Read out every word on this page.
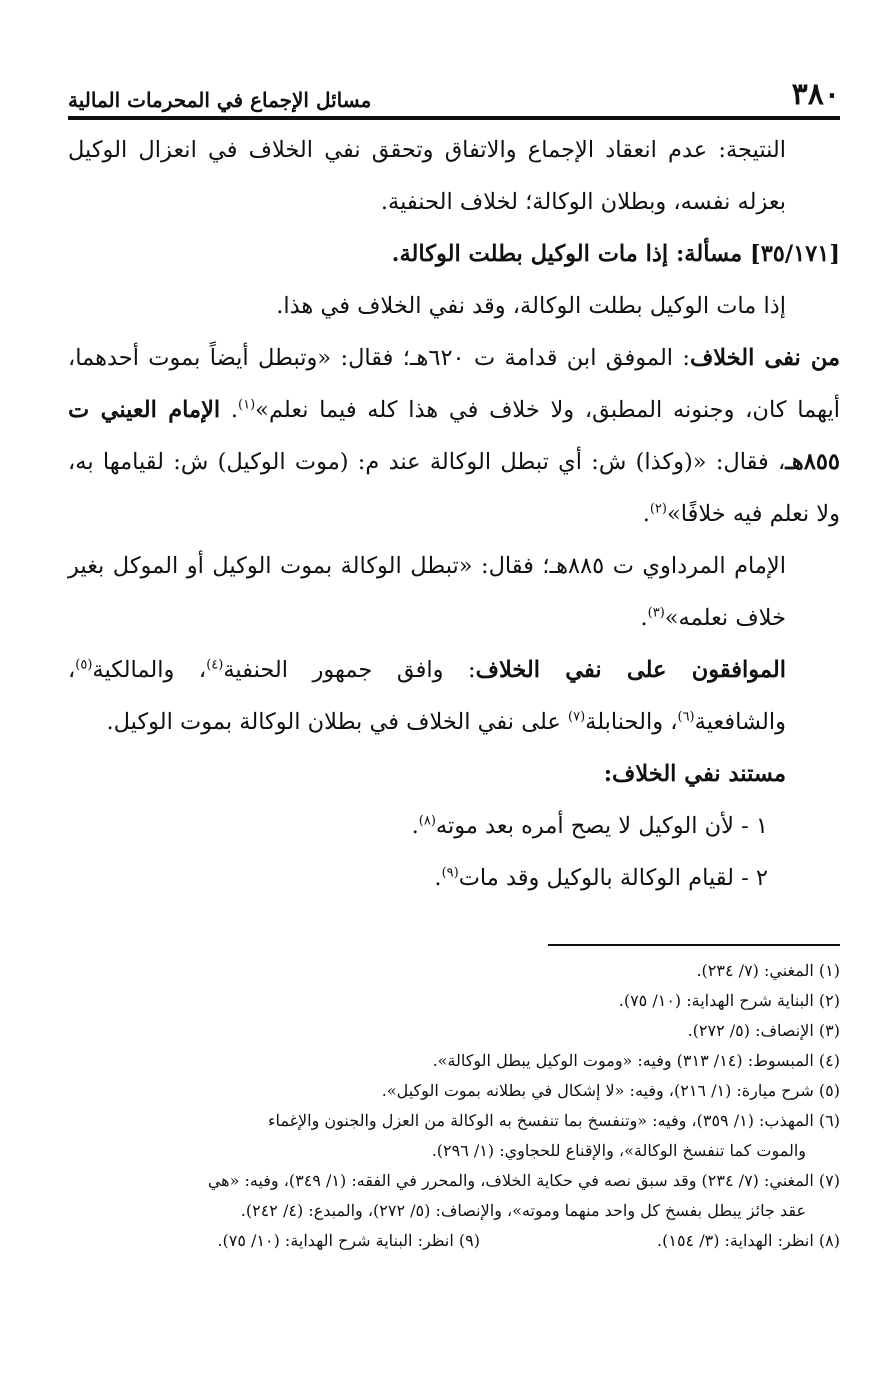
٣٨٠
مسائل الإجماع في المحرمات المالية

النتيجة: عدم انعقاد الإجماع والاتفاق وتحقق نفي الخلاف في انعزال الوكيل بعزله نفسه، وبطلان الوكالة؛ لخلاف الحنفية.

[٣٥/١٧١] مسألة: إذا مات الوكيل بطلت الوكالة.

إذا مات الوكيل بطلت الوكالة، وقد نفي الخلاف في هذا.

من نفى الخلاف: الموفق ابن قدامة ت ٦٢٠هـ؛ فقال: «وتبطل أيضاً بموت أحدهما، أيهما كان، وجنونه المطبق، ولا خلاف في هذا كله فيما نعلم»$^{(١)}$. الإمام العيني ت ٨٥٥هـ، فقال: «(وكذا) ش: أي تبطل الوكالة عند م: (موت الوكيل) ش: لقيامها به، ولا نعلم فيه خلافًا»$^{(٢)}$.

الإمام المرداوي ت ٨٨٥هـ؛ فقال: «تبطل الوكالة بموت الوكيل أو الموكل بغير خلاف نعلمه»$^{(٣)}$.

الموافقون على نفي الخلاف: وافق جمهور الحنفية$^{(٤)}$، والمالكية$^{(٥)}$، والشافعية$^{(٦)}$، والحنابلة$^{(٧)}$ على نفي الخلاف في بطلان الوكالة بموت الوكيل.

مستند نفي الخلاف:

١ - لأن الوكيل لا يصح أمره بعد موته$^{(٨)}$.

٢ - لقيام الوكالة بالوكيل وقد مات$^{(٩)}$.

(١) المغني: (٧/ ٢٣٤).

(٢) البناية شرح الهداية: (١٠/ ٧٥).

(٣) الإنصاف: (٥/ ٢٧٢).

(٤) المبسوط: (١٤/ ٣١٣) وفيه: «وموت الوكيل يبطل الوكالة».

(٥) شرح ميارة: (١/ ٢١٦)، وفيه: «لا إشكال في بطلانه بموت الوكيل».

(٦) المهذب: (١/ ٣٥٩)، وفيه: «وتنفسخ بما تنفسخ به الوكالة من العزل والجنون والإغماء

والموت كما تنفسخ الوكالة»، والإقناع للحجاوي: (١/ ٢٩٦).

(٧) المغني: (٧/ ٢٣٤) وقد سبق نصه في حكاية الخلاف، والمحرر في الفقه: (١/ ٣٤٩)، وفيه: «هي

عقد جائز يبطل بفسخ كل واحد منهما وموته»، والإنصاف: (٥/ ٢٧٢)، والمبدع: (٤/ ٢٤٢).

(٨) انظر: الهداية: (٣/ ١٥٤).
(٩) انظر: البناية شرح الهداية: (١٠/ ٧٥).
